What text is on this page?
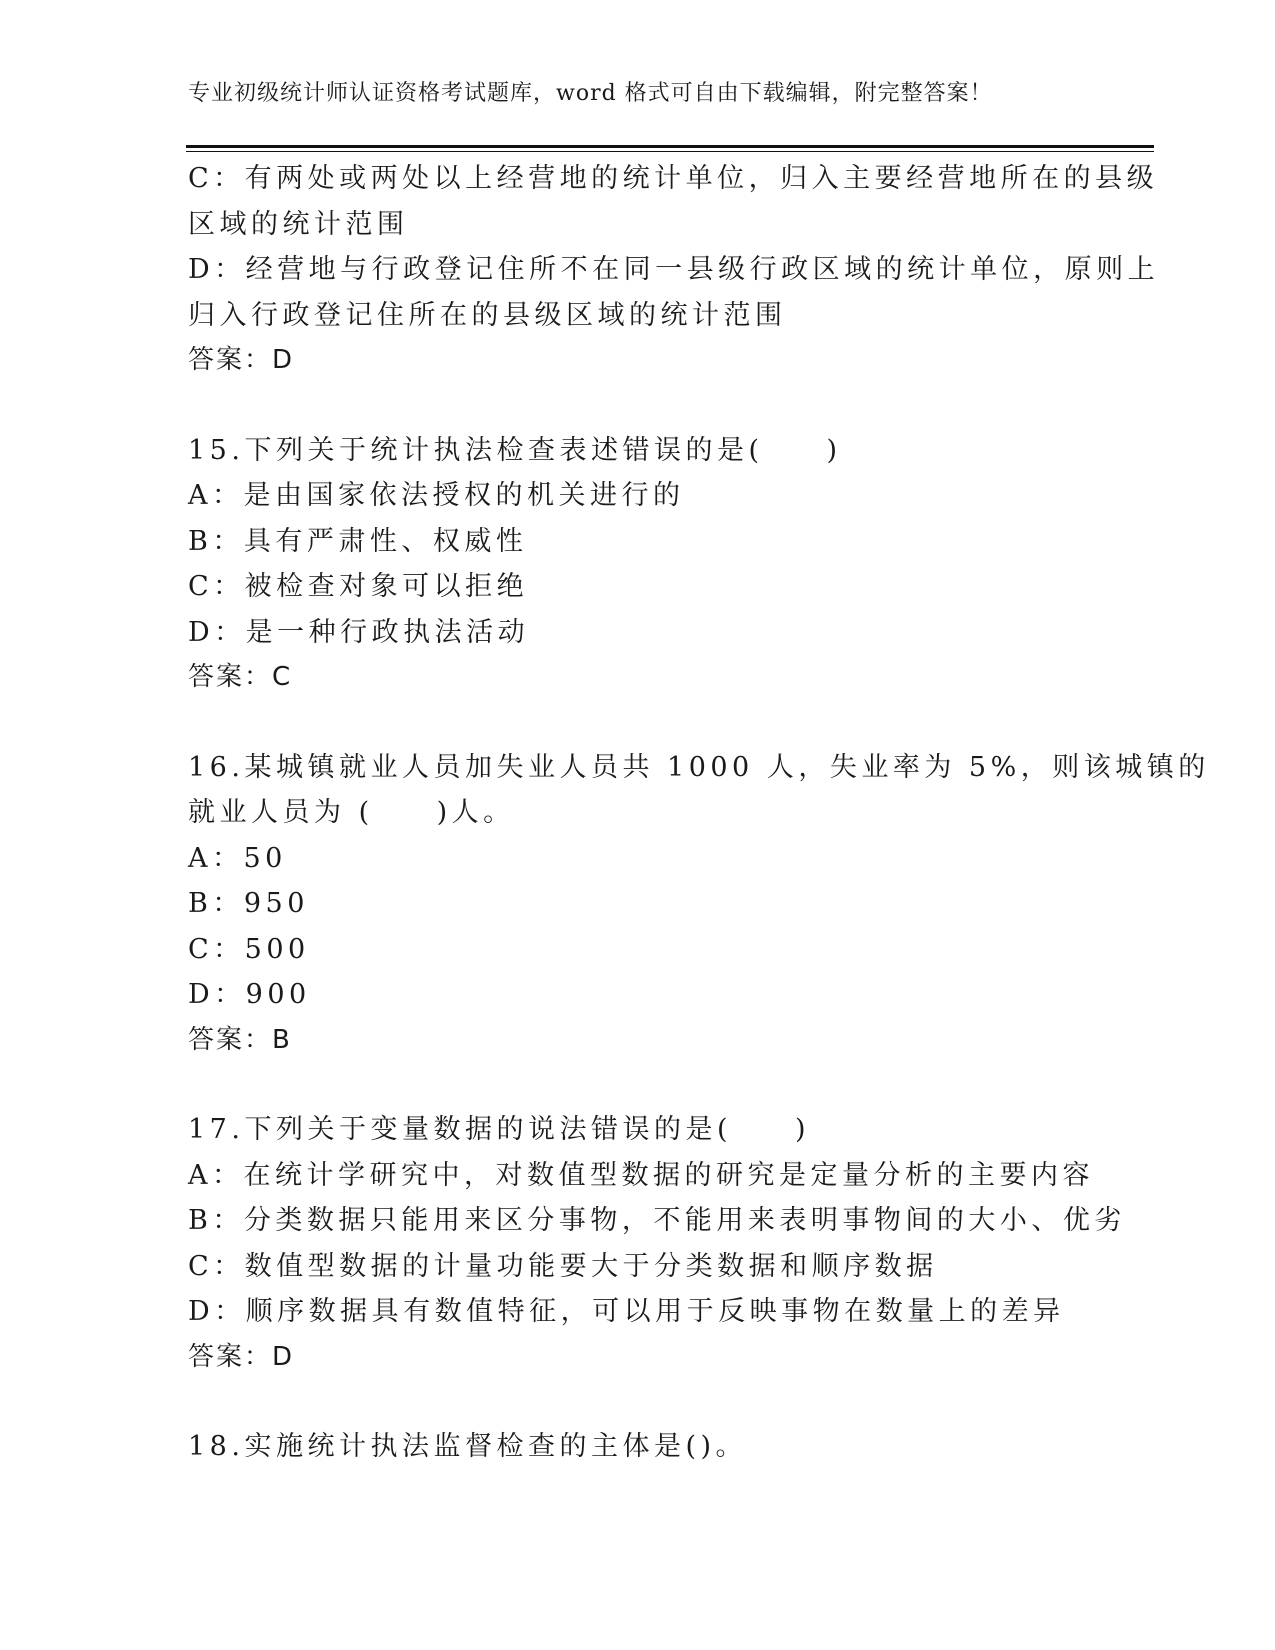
专业初级统计师认证资格考试题库，word 格式可自由下载编辑，附完整答案！
C：有两处或两处以上经营地的统计单位，归入主要经营地所在的县级
区域的统计范围
D：经营地与行政登记住所不在同一县级行政区域的统计单位，原则上
归入行政登记住所在的县级区域的统计范围
答案：D
15.下列关于统计执法检查表述错误的是(　　)
A：是由国家依法授权的机关进行的
B：具有严肃性、权威性
C：被检查对象可以拒绝
D：是一种行政执法活动
答案：C
16.某城镇就业人员加失业人员共 1000 人，失业率为 5%，则该城镇的
就业人员为 (　　)人。
A：50
B：950
C：500
D：900
答案：B
17.下列关于变量数据的说法错误的是(　　)
A：在统计学研究中，对数值型数据的研究是定量分析的主要内容
B：分类数据只能用来区分事物，不能用来表明事物间的大小、优劣
C：数值型数据的计量功能要大于分类数据和顺序数据
D：顺序数据具有数值特征，可以用于反映事物在数量上的差异
答案：D
18.实施统计执法监督检查的主体是()。
